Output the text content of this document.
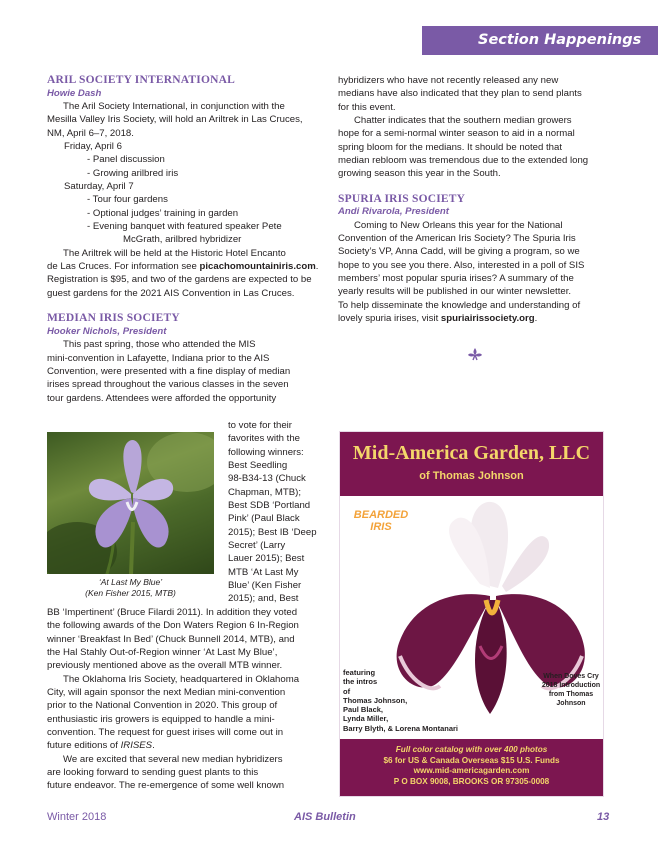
Section Happenings

ARIL SOCIETY INTERNATIONAL

Howie Dash

The Aril Society International, in conjunction with the

Mesilla Valley Iris Society, will hold an Ariltrek in Las Cruces,

NM, April 6–7, 2018.

Friday, April 6

- Panel discussion

- Growing arilbred iris

Saturday, April 7

- Tour four gardens

- Optional judges’ training in garden

- Evening banquet with featured speaker Pete

McGrath, arilbred hybridizer

The Ariltrek will be held at the Historic Hotel Encanto

de Las Cruces. For information see picachomountainiris.com.

Registration is $95, and two of the gardens are expected to be

guest gardens for the 2021 AIS Convention in Las Cruces.

MEDIAN IRIS SOCIETY

Hooker Nichols, President

This past spring, those who attended the MIS

mini-convention in Lafayette, Indiana prior to the AIS

Convention, were presented with a fine display of median

irises spread throughout the various classes in the seven

tour gardens. Attendees were afforded the opportunity

to vote for their

favorites with the

following winners:

Best Seedling

98-B34-13 (Chuck

Chapman, MTB);

Best SDB ‘Portland

Pink’ (Paul Black

2015); Best IB ‘Deep

Secret’ (Larry

Lauer 2015); Best

MTB ‘At Last My

Blue’ (Ken Fisher

2015); and, Best

‘At Last My Blue’
(Ken Fisher 2015, MTB)

BB ‘Impertinent’ (Bruce Filardi 2011). In addition they voted

the following awards of the Don Waters Region 6 In-Region

winner ‘Breakfast In Bed’ (Chuck Bunnell 2014, MTB), and

the Hal Stahly Out-of-Region winner ‘At Last My Blue’,

previously mentioned above as the overall MTB winner.

The Oklahoma Iris Society, headquartered in Oklahoma

City, will again sponsor the next Median mini-convention

prior to the National Convention in 2020. This group of

enthusiastic iris growers is equipped to handle a mini-

convention. The request for guest irises will come out in

future editions of IRISES.

We are excited that several new median hybridizers

are looking forward to sending guest plants to this

future endeavor. The re-emergence of some well known

hybridizers who have not recently released any new

medians have also indicated that they plan to send plants

for this event.

Chatter indicates that the southern median growers

hope for a semi-normal winter season to aid in a normal

spring bloom for the medians. It should be noted that

median rebloom was tremendous due to the extended long

growing season this year in the South.

SPURIA IRIS SOCIETY

Andi Rivarola, President

Coming to New Orleans this year for the National

Convention of the American Iris Society? The Spuria Iris

Society’s VP, Anna Cadd, will be giving a program, so we

hope to you see you there. Also, interested in a poll of SIS

members’ most popular spuria irises? A summary of the

yearly results will be published in our winter newsletter.

To help disseminate the knowledge and understanding of

lovely spuria irises, visit spuriairissociety.org.

Mid-America Garden, LLC
of Thomas Johnson
BEARDED
IRIS
featuring
the intros
of
Thomas Johnson,
Paul Black,
Lynda Miller,
Barry Blyth, & Lorena Montanari
When Doves Cry
2018 Introduction
from Thomas Johnson
Full color catalog with over 400 photos
$6 for US & Canada Overseas $15 U.S. Funds
www.mid-americagarden.com
P O BOX 9008, BROOKS OR 97305-0008
Winter 2018	AIS Bulletin	13
